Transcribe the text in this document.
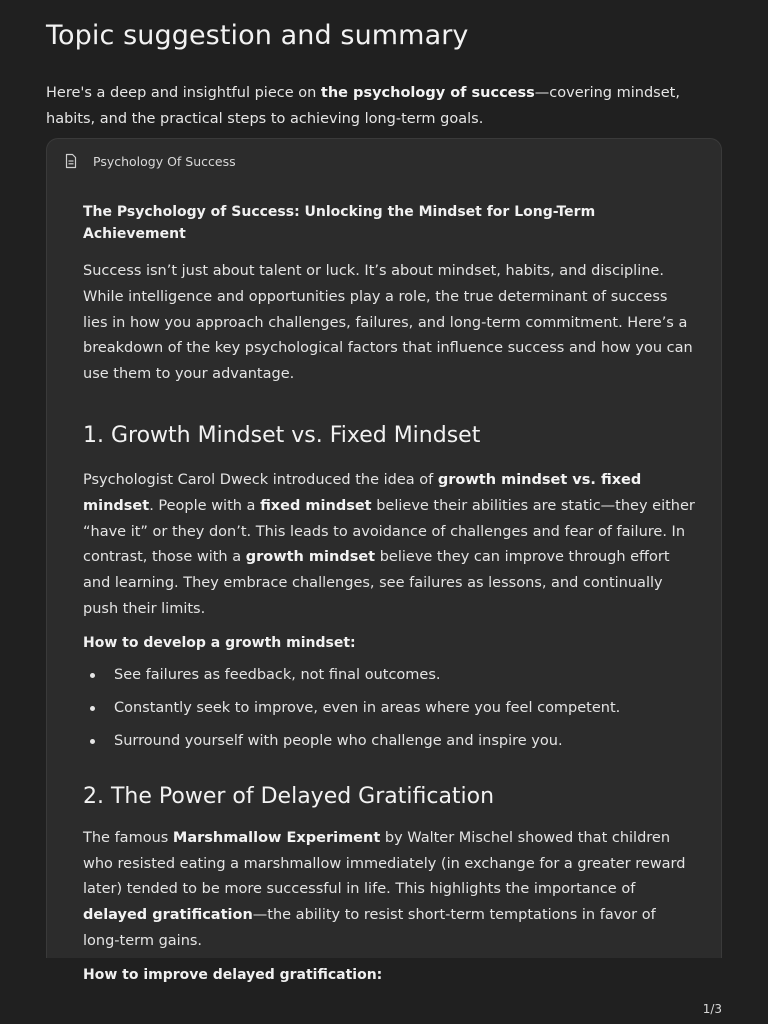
Topic suggestion and summary

Here's a deep and insightful piece on the psychology of success—covering mindset, habits, and the practical steps to achieving long-term goals.

Psychology Of Success

The Psychology of Success: Unlocking the Mindset for Long-Term Achievement

Success isn’t just about talent or luck. It’s about mindset, habits, and discipline. While intelligence and opportunities play a role, the true determinant of success lies in how you approach challenges, failures, and long-term commitment. Here’s a breakdown of the key psychological factors that influence success and how you can use them to your advantage.

1. Growth Mindset vs. Fixed Mindset

Psychologist Carol Dweck introduced the idea of growth mindset vs. fixed mindset. People with a fixed mindset believe their abilities are static—they either “have it” or they don’t. This leads to avoidance of challenges and fear of failure. In contrast, those with a growth mindset believe they can improve through effort and learning. They embrace challenges, see failures as lessons, and continually push their limits.

How to develop a growth mindset:

See failures as feedback, not final outcomes.
Constantly seek to improve, even in areas where you feel competent.
Surround yourself with people who challenge and inspire you.
2. The Power of Delayed Gratification

The famous Marshmallow Experiment by Walter Mischel showed that children who resisted eating a marshmallow immediately (in exchange for a greater reward later) tended to be more successful in life. This highlights the importance of delayed gratification—the ability to resist short-term temptations in favor of long-term gains.

How to improve delayed gratification:

1/3
